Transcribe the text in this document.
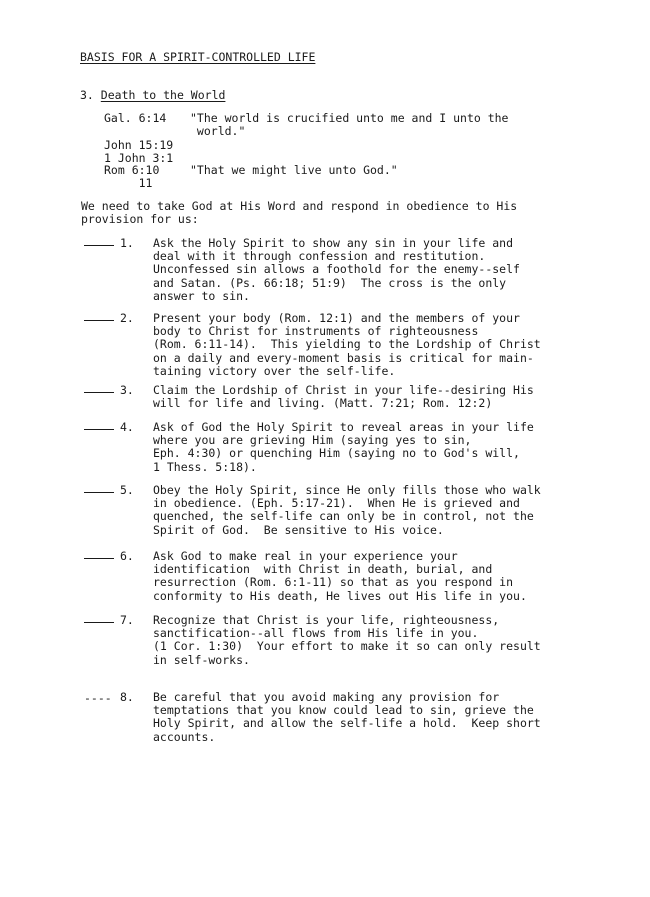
BASIS FOR A SPIRIT-CONTROLLED LIFE
3. Death to the World
Gal. 6:14 "The world is crucified unto me and I unto the
world."
John 15:19
1 John 3:1
Rom 6:10
11
"That we might live unto God."
We need to take God at His Word and respond in obedience to His
provision for us:
1. Ask the Holy Spirit to show any sin in your life and
deal with it through confession and restitution.
Unconfessed sin allows a foothold for the enemy--self
and Satan. (Ps. 66:18; 51:9)  The cross is the only
answer to sin.
2. Present your body (Rom. 12:1) and the members of your
body to Christ for instruments of righteousness
(Rom. 6:11-14).  This yielding to the Lordship of Christ
on a daily and every-moment basis is critical for main-
taining victory over the self-life.
3. Claim the Lordship of Christ in your life--desiring His
will for life and living. (Matt. 7:21; Rom. 12:2)
4. Ask of God the Holy Spirit to reveal areas in your life
where you are grieving Him (saying yes to sin,
Eph. 4:30) or quenching Him (saying no to God's will,
1 Thess. 5:18).
5. Obey the Holy Spirit, since He only fills those who walk
in obedience. (Eph. 5:17-21).  When He is grieved and
quenched, the self-life can only be in control, not the
Spirit of God.  Be sensitive to His voice.
6. Ask God to make real in your experience your
identification  with Christ in death, burial, and
resurrection (Rom. 6:1-11) so that as you respond in
conformity to His death, He lives out His life in you.
7. Recognize that Christ is your life, righteousness,
sanctification--all flows from His life in you.
(1 Cor. 1:30)  Your effort to make it so can only result
in self-works.
---- 8. Be careful that you avoid making any provision for
temptations that you know could lead to sin, grieve the
Holy Spirit, and allow the self-life a hold.  Keep short
accounts.
